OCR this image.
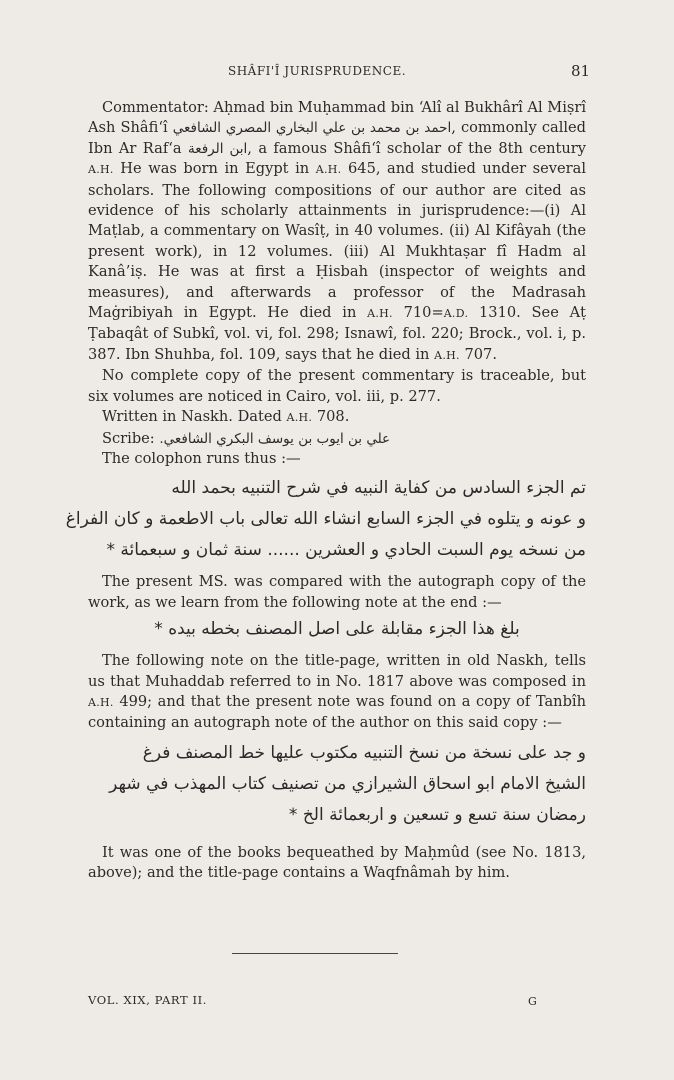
SHÂFI'Î JURISPRUDENCE.	81

Commentator: Aḥmad bin Muḥammad bin ‘Alî al Bukhârî Al Miṣrî Ash Shâfi‘î احمد بن محمد بن علي البخاري المصري الشافعي, commonly called Ibn Ar Raf‘a ابن الرفعة, a famous Shâfi‘î scholar of the 8th century A.H. He was born in Egypt in A.H. 645, and studied under several scholars. The following compositions of our author are cited as evidence of his scholarly attainments in jurisprudence:—(i) Al Maṭlab, a commentary on Wasîṭ, in 40 volumes. (ii) Al Kifâyah (the present work), in 12 volumes. (iii) Al Mukhtaṣar fî Hadm al Kanâ’iṣ. He was at first a Ḥisbah (inspector of weights and measures), and afterwards a professor of the Madrasah Maġribiyah in Egypt. He died in A.H. 710=A.D. 1310. See Aṭ Ṭabaqât of Subkî, vol. vi, fol. 298; Isnawî, fol. 220; Brock., vol. i, p. 387. Ibn Shuhba, fol. 109, says that he died in A.H. 707.

No complete copy of the present commentary is traceable, but six volumes are noticed in Cairo, vol. iii, p. 277.

Written in Naskh. Dated A.H. 708.

Scribe: علي بن ايوب بن يوسف البكري الشافعي.

The colophon runs thus :—

تم الجزء السادس من كفاية النبيه في شرح التنبيه بحمد الله
و عونه و يتلوه في الجزء السابع انشاء الله تعالى باب الاطعمة و كان الفراغ
من نسخه يوم السبت الحادي و العشرين ...... سنة ثمان و سبعمائة *

The present MS. was compared with the autograph copy of the work, as we learn from the following note at the end :—

بلغ هذا الجزء مقابلة على اصل المصنف بخطه بيده *

The following note on the title-page, written in old Naskh, tells us that Muhaddab referred to in No. 1817 above was composed in A.H. 499; and that the present note was found on a copy of Tanbîh containing an autograph note of the author on this said copy :—

و جد على نسخة من نسخ التنبيه مكتوب عليها خط المصنف فرغ
الشيخ الامام ابو اسحاق الشيرازي من تصنيف كتاب المهذب في شهر
رمضان سنة تسع و تسعين و اربعمائة الخ *

It was one of the books bequeathed by Maḥmûd (see No. 1813, above); and the title-page contains a Waqfnâmah by him.

VOL. XIX, PART II.	G
